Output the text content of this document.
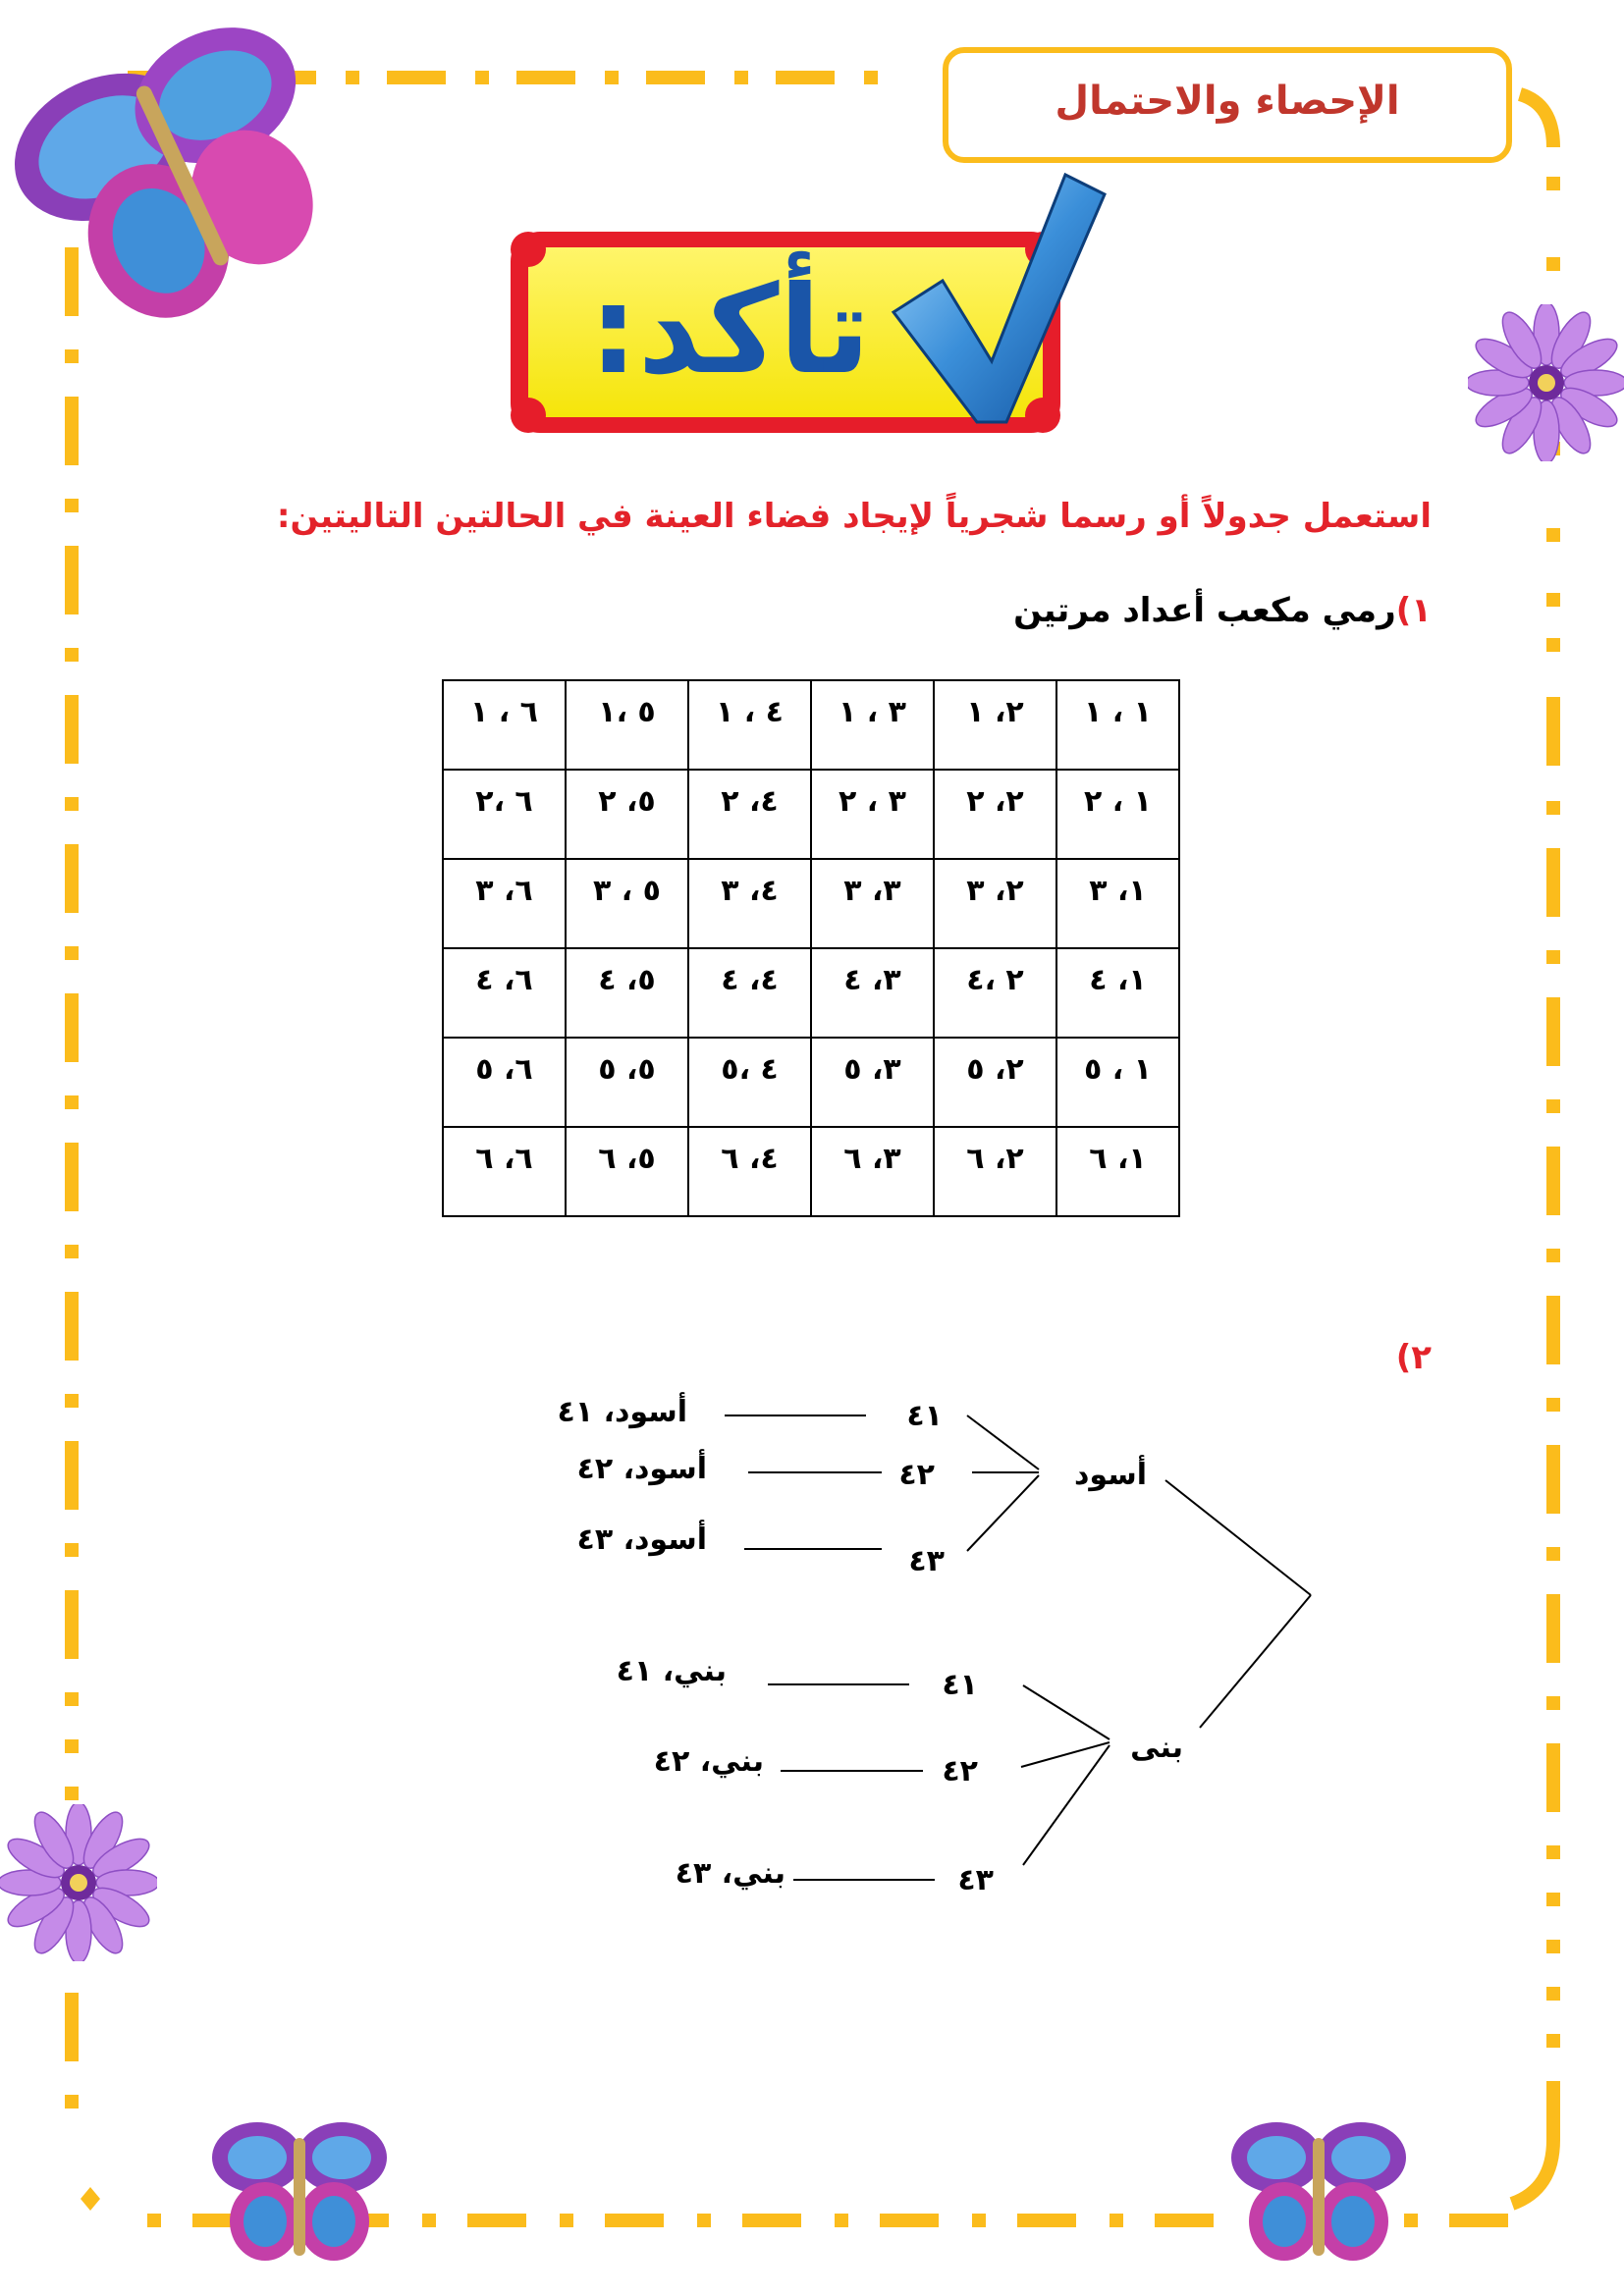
الإحصاء والاحتمال
تأكد:
استعمل جدولاً أو رسما شجرياً لإيجاد فضاء العينة في الحالتين التاليتين:
١)رمي مكعب أعداد مرتين
١ ، ١	٢، ١	٣ ، ١	٤ ، ١	٥ ،١	٦ ، ١
١ ، ٢	٢، ٢	٣ ، ٢	٤، ٢	٥، ٢	٦ ،٢
١، ٣	٢، ٣	٣، ٣	٤، ٣	٥ ، ٣	٦، ٣
١، ٤	٢ ،٤	٣، ٤	٤، ٤	٥، ٤	٦، ٤
١ ، ٥	٢، ٥	٣، ٥	٤ ،٥	٥، ٥	٦، ٥
١، ٦	٢، ٦	٣، ٦	٤، ٦	٥، ٦	٦، ٦
٢)
أسود
بنى
٤١
٤٢
٤٣
أسود، ٤١
أسود، ٤٢
أسود، ٤٣
٤١
٤٢
٤٣
بني، ٤١
بني، ٤٢
بني، ٤٣
